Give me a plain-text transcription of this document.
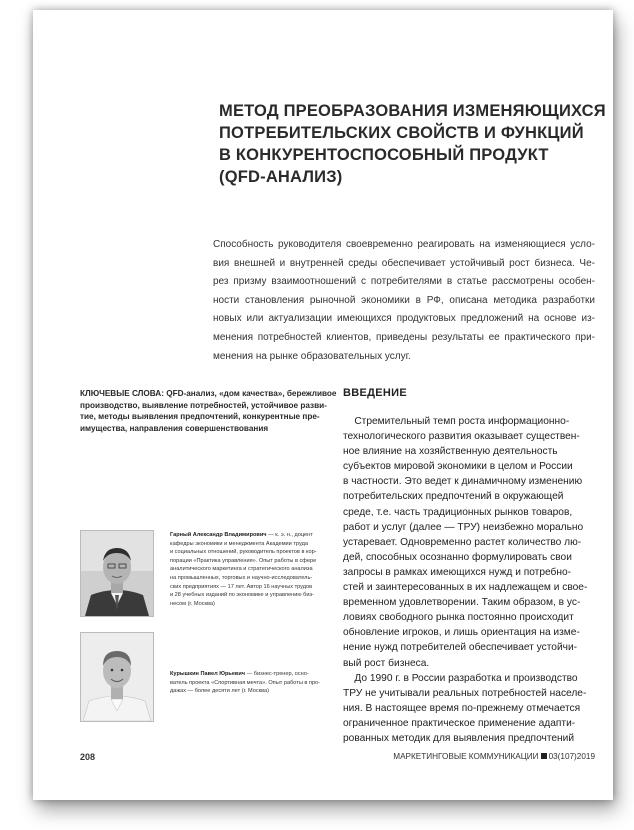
МЕТОД ПРЕОБРАЗОВАНИЯ ИЗМЕНЯЮЩИХСЯ
ПОТРЕБИТЕЛЬСКИХ СВОЙСТВ И ФУНКЦИЙ
В КОНКУРЕНТОСПОСОБНЫЙ ПРОДУКТ
(QFD-АНАЛИЗ)
Способность руководителя своевременно реагировать на изменяющиеся усло-
вия внешней и внутренней среды обеспечивает устойчивый рост бизнеса. Че-
рез призму взаимоотношений с потребителями в статье рассмотрены особен-
ности становления рыночной экономики в РФ, описана методика разработки
новых или актуализации имеющихся продуктовых предложений на основе из-
менения потребностей клиентов, приведены результаты ее практического при-
менения на рынке образовательных услуг.
КЛЮЧЕВЫЕ СЛОВА: QFD-анализ, «дом качества», бережливое
производство, выявление потребностей, устойчивое разви-
тие, методы выявления предпочтений, конкурентные пре-
имущества, направления совершенствования
ВВЕДЕНИЕ
Стремительный темп роста информационно-
технологического развития оказывает существен-
ное влияние на хозяйственную деятельность
субъектов мировой экономики в целом и России
в частности. Это ведет к динамичному изменению
потребительских предпочтений в окружающей
среде, т.е. часть традиционных рынков товаров,
работ и услуг (далее — ТРУ) неизбежно морально
устаревает. Одновременно растет количество лю-
дей, способных осознанно формулировать свои
запросы в рамках имеющихся нужд и потребно-
стей и заинтересованных в их надлежащем и свое-
временном удовлетворении. Таким образом, в ус-
ловиях свободного рынка постоянно происходит
обновление игроков, и лишь ориентация на изме-
нение нужд потребителей обеспечивает устойчи-
вый рост бизнеса.
До 1990 г. в России разработка и производство
ТРУ не учитывали реальных потребностей населе-
ния. В настоящее время по-прежнему отмечается
ограниченное практическое применение адапти-
рованных методик для выявления предпочтений
Гарный Александр Владимирович — к. э. н., доцент
кафедры экономики и менеджмента Академии труда
и социальных отношений, руководитель проектов в кор-
порации «Практика управления». Опыт работы в сфере
аналитического маркетинга и стратегического анализа
на промышленных, торговых и научно-исследователь-
ских предприятиях — 17 лет. Автор 16 научных трудов
и 28 учебных изданий по экономике и управлению биз-
несом (г. Москва)
Курышкин Павел Юрьевич — бизнес-тренер, осно-
ватель проекта «Спортивная мечта». Опыт работы в про-
дажах — более десяти лет (г. Москва)
208	МАРКЕТИНГОВЫЕ КОММУНИКАЦИИ 03(107)2019
